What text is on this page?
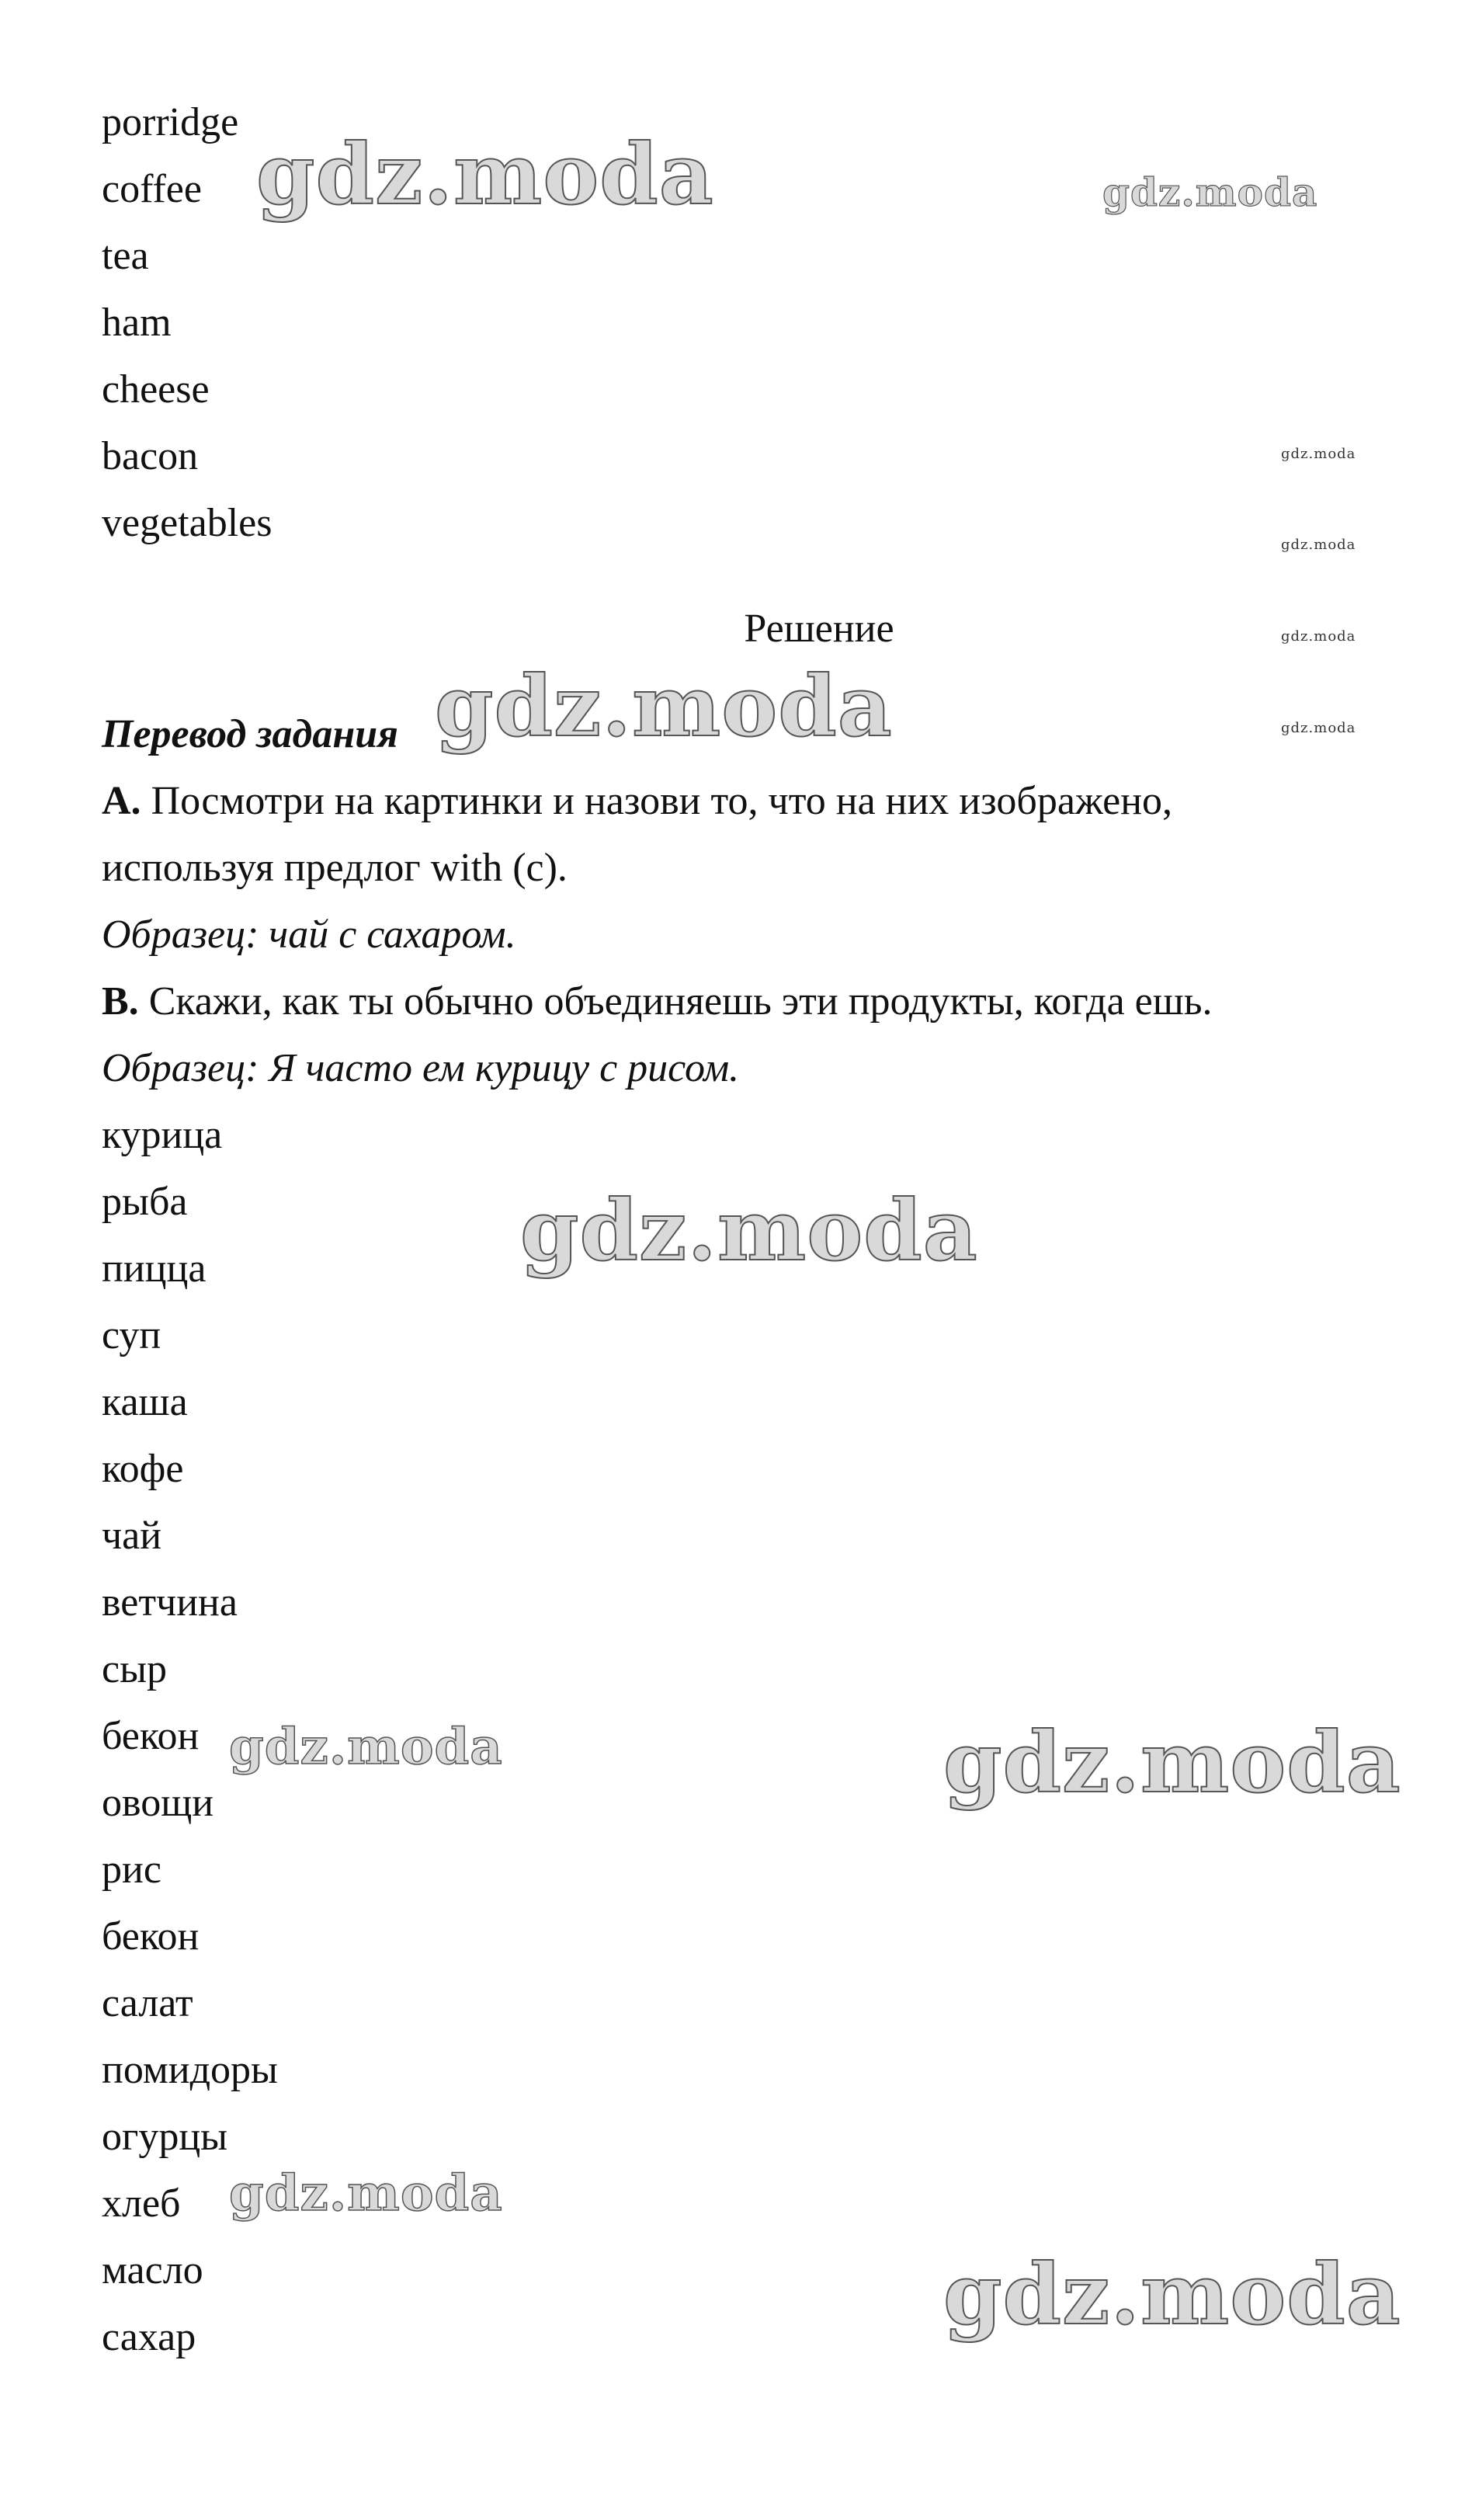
porridge
coffee
tea
ham
cheese
bacon
vegetables
Решение
Перевод задания
A. Посмотри на картинки и назови то, что на них изображено,
используя предлог with (с).
Образец: чай с сахаром.
B. Скажи, как ты обычно объединяешь эти продукты, когда ешь.
Образец: Я часто ем курицу с рисом.
курица
рыба
пицца
суп
каша
кофе
чай
ветчина
сыр
бекон
овощи
рис
бекон
салат
помидоры
огурцы
хлеб
масло
сахар
gdz.moda	gdz.moda
gdz.moda
gdz.moda
gdz.moda
gdz.moda
gdz.moda
gdz.moda
gdz.moda	gdz.moda
gdz.moda
gdz.moda
